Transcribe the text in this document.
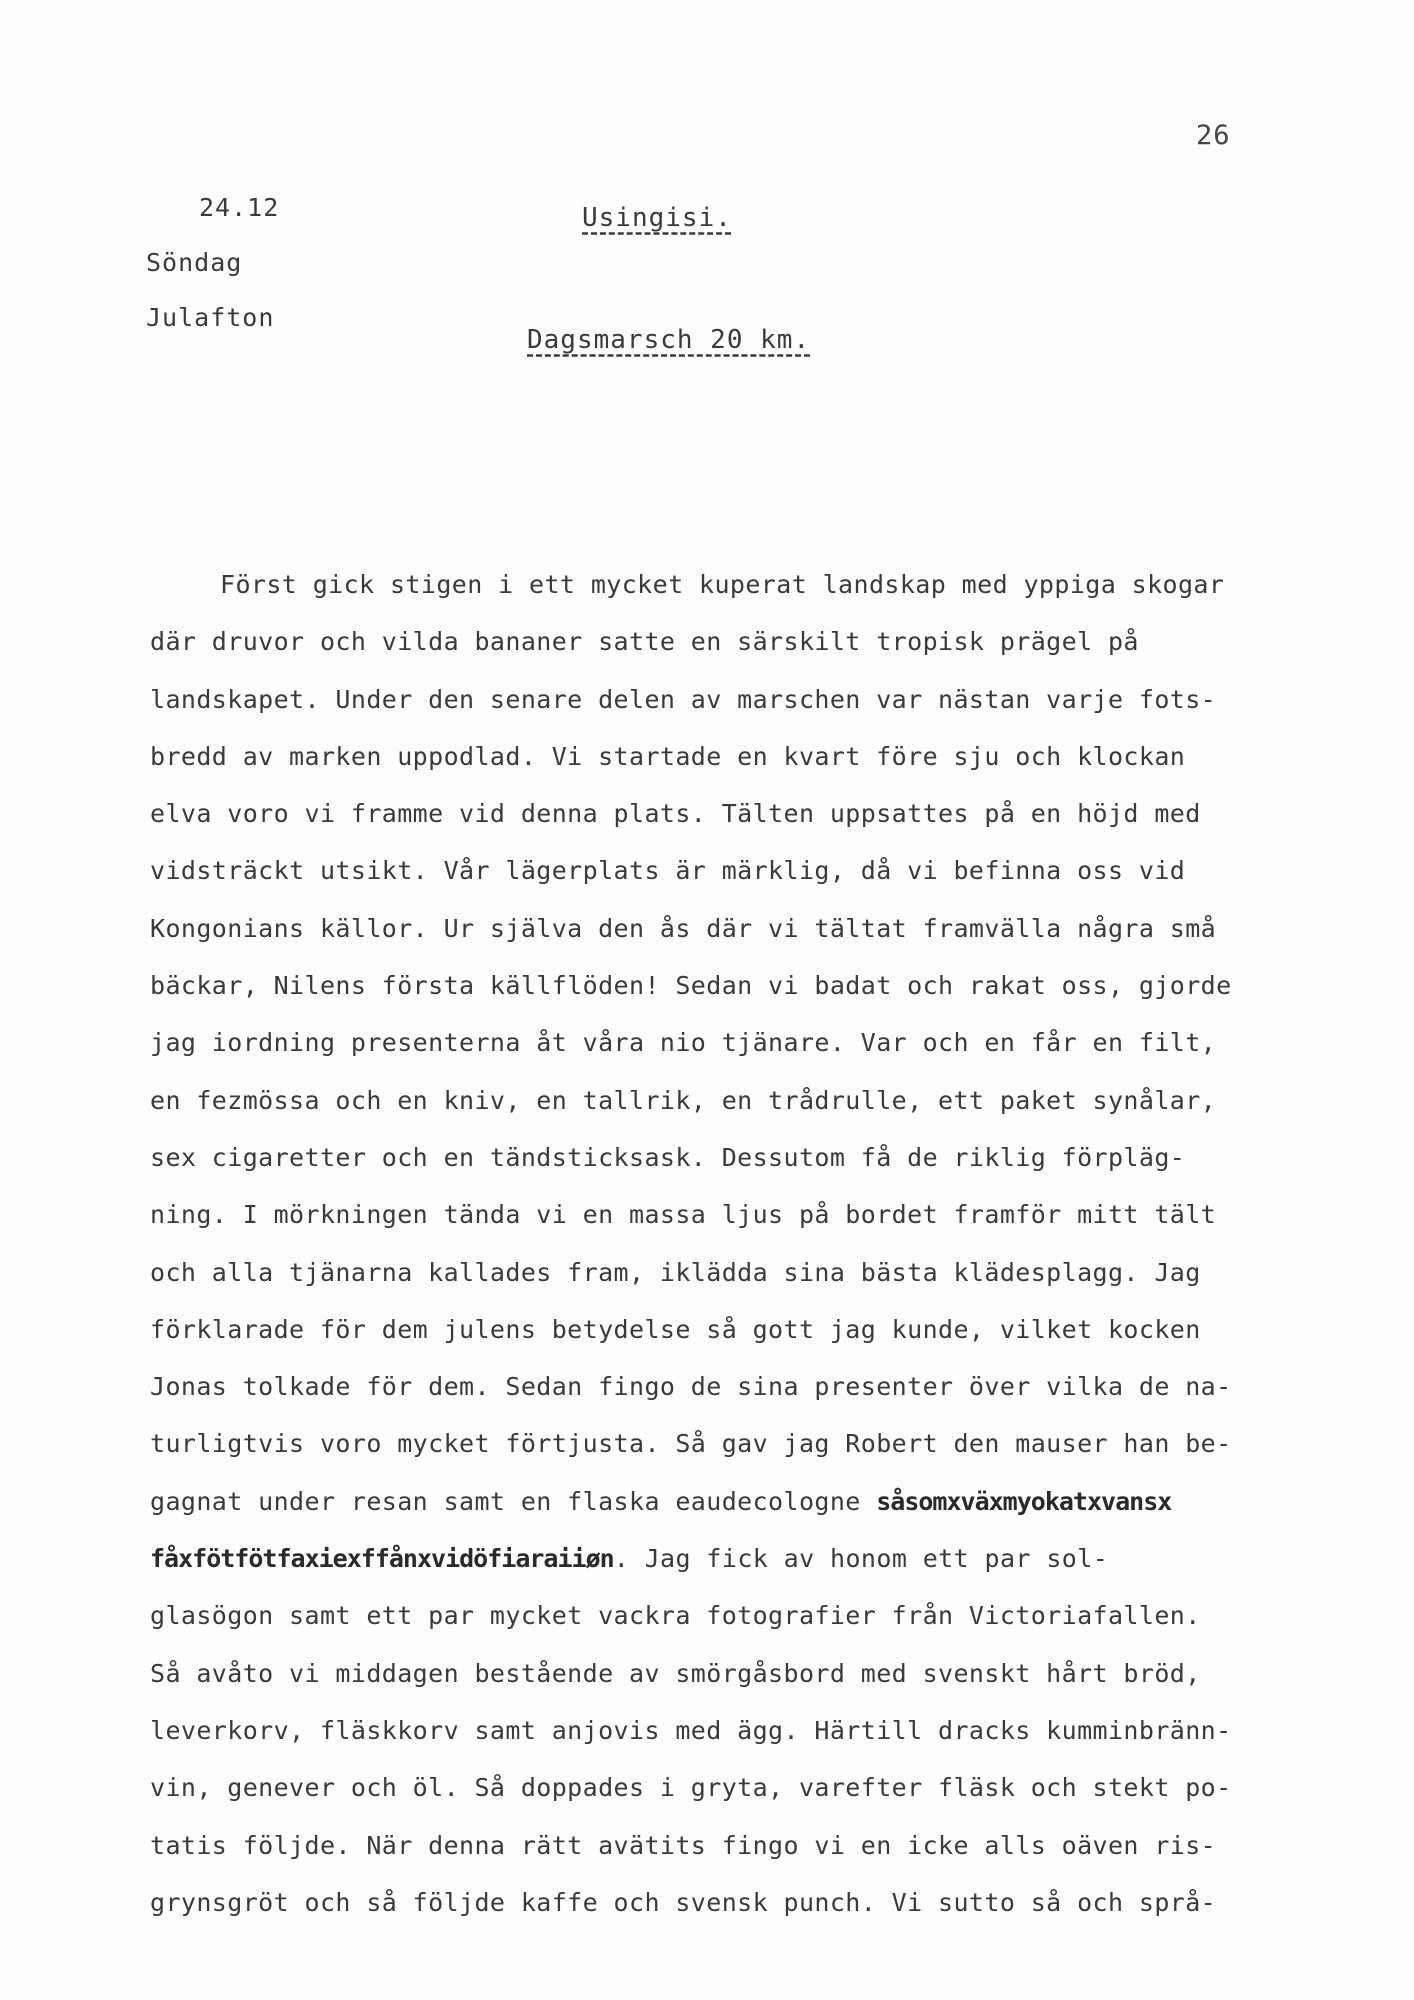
26
24.12
Söndag
Julafton
Usingisi.
Dagsmarsch 20 km.
Först gick stigen i ett mycket kuperat landskap med yppiga skogar
där druvor och vilda bananer satte en särskilt tropisk prägel på
landskapet. Under den senare delen av marschen var nästan varje fots-
bredd av marken uppodlad. Vi startade en kvart före sju och klockan
elva voro vi framme vid denna plats. Tälten uppsattes på en höjd med
vidsträckt utsikt. Vår lägerplats är märklig, då vi befinna oss vid
Kongonians källor. Ur själva den ås där vi tältat framvälla några små
bäckar, Nilens första källflöden! Sedan vi badat och rakat oss, gjorde
jag iordning presenterna åt våra nio tjänare. Var och en får en filt,
en fezmössa och en kniv, en tallrik, en trådrulle, ett paket synålar,
sex cigaretter och en tändsticksask. Dessutom få de riklig förpläg-
ning. I mörkningen tända vi en massa ljus på bordet framför mitt tält
och alla tjänarna kallades fram, iklädda sina bästa klädesplagg. Jag
förklarade för dem julens betydelse så gott jag kunde, vilket kocken
Jonas tolkade för dem. Sedan fingo de sina presenter över vilka de na-
turligtvis voro mycket förtjusta. Så gav jag Robert den mauser han be-
gagnat under resan samt en flaska eaudecologne såsomxväxmyokatxvansx
fåxfötfötfaxiexffånxvidöfiaraiiøn. Jag fick av honom ett par sol-
glasögon samt ett par mycket vackra fotografier från Victoriafallen.
Så avåto vi middagen bestående av smörgåsbord med svenskt hårt bröd,
leverkorv, fläskkorv samt anjovis med ägg. Härtill dracks kumminbränn-
vin, genever och öl. Så doppades i gryta, varefter fläsk och stekt po-
tatis följde. När denna rätt avätits fingo vi en icke alls oäven ris-
grynsgröt och så följde kaffe och svensk punch. Vi sutto så och språ-
